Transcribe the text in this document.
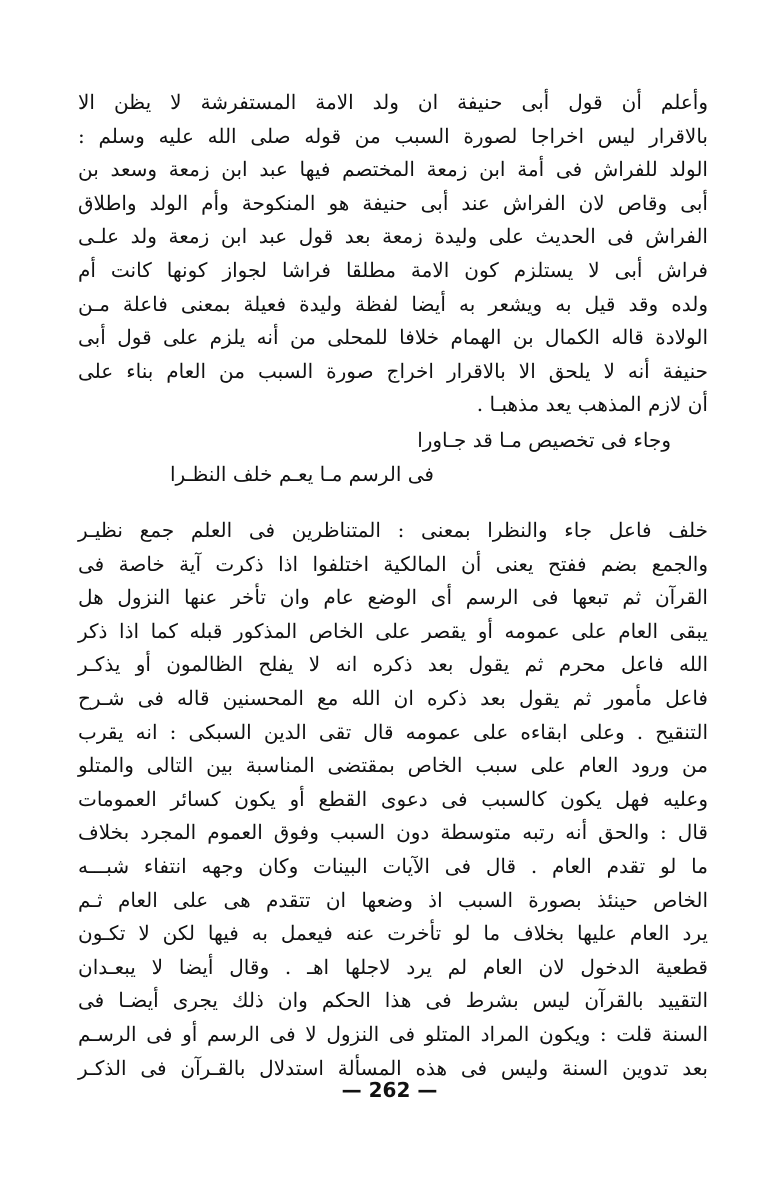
وأعلم أن قول أبى حنيفة ان ولد الامة المستفرشة لا يظن الا
بالاقرار ليس اخراجا لصورة السبب من قوله صلى الله عليه وسلم :
الولد للفراش فى أمة ابن زمعة المختصم فيها عبد ابن زمعة وسعد بن
أبى وقاص لان الفراش عند أبى حنيفة هو المنكوحة وأم الولد واطلاق
الفراش فى الحديث على وليدة زمعة بعد قول عبد ابن زمعة ولد علـى
فراش أبى لا يستلزم كون الامة مطلقا فراشا لجواز كونها كانت أم
ولده وقد قيل به ويشعر به أيضا لفظة وليدة فعيلة بمعنى فاعلة مـن
الولادة قاله الكمال بن الهمام خلافا للمحلى من أنه يلزم على قول أبى
حنيفة أنه لا يلحق الا بالاقرار اخراج صورة السبب من العام بناء على
أن لازم المذهب يعد مذهبـا .
وجاء فى تخصيص مـا قد جـاورا
فى الرسم مـا يعـم خلف النظـرا
خلف فاعل جاء والنظرا بمعنى : المتناظرين فى العلم جمع نظيـر
والجمع بضم ففتح يعنى أن المالكية اختلفوا اذا ذكرت آية خاصة فى
القرآن ثم تبعها فى الرسم أى الوضع عام وان تأخر عنها النزول هل
يبقى العام على عمومه أو يقصر على الخاص المذكور قبله كما اذا ذكر
الله فاعل محرم ثم يقول بعد ذكره انه لا يفلح الظالمون أو يذكـر
فاعل مأمور ثم يقول بعد ذكره ان الله مع المحسنين قاله فى شـرح
التنقيح . وعلى ابقاءه على عمومه قال تقى الدين السبكى : انه يقرب
من ورود العام على سبب الخاص بمقتضى المناسبة بين التالى والمتلو
وعليه فهل يكون كالسبب فى دعوى القطع أو يكون كسائر العمومات
قال : والحق أنه رتبه متوسطة دون السبب وفوق العموم المجرد بخلاف
ما لو تقدم العام . قال فى الآيات البينات وكان وجهه انتفاء شبـــه
الخاص حينئذ بصورة السبب اذ وضعها ان تتقدم هى على العام ثـم
يرد العام عليها بخلاف ما لو تأخرت عنه فيعمل به فيها لكن لا تكـون
قطعية الدخول لان العام لم يرد لاجلها اهـ . وقال أيضا لا يبعـدان
التقييد بالقرآن ليس بشرط فى هذا الحكم وان ذلك يجرى أيضـا فى
السنة قلت : ويكون المراد المتلو فى النزول لا فى الرسم أو فى الرسـم
بعد تدوين السنة وليس فى هذه المسألة استدلال بالقـرآن فى الذكـر
— 262 —
